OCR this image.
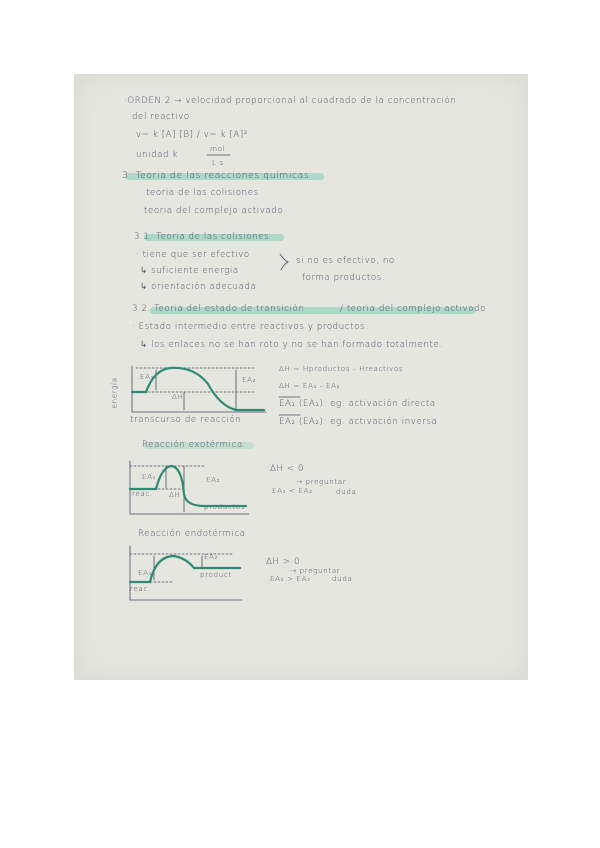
·ORDEN 2 → velocidad proporcional al cuadrado de la concentración
del reactivo
v= k [A] [B] / v= k [A]²
unidad k
mol
L·s
3. Teoria de las reacciones químicas
teoria de las colisiones
teoria del complejo activado
3.1. Teoria de las colisiones
· tiene que ser efectivo
↳ suficiente energia
↳ orientación adecuada
si no es efectivo, no
forma productos.
3.2. Teoria del estado de transición	/ teoria del complejo activado
· Estado intermedio entre reactivos y productos.
↳ los enlaces no se han roto y no se han formado totalmente.
energía
transcurso de reacción
EA₁	EA₂
ΔH
ΔH = Hproductos - Hreactivos
ΔH = EA₁ - EA₂
EA₁ (EA₁): eg. activación directa
EA₂ (EA₂): eg. activación inversa
Reacción exotérmica:
EA₁	EA₂
reac. ΔH
productos
ΔH < 0
→ preguntar
EA₁ < EA₂	duda
Reacción endotérmica
EA₂
EA₁	product.
reac.
ΔH > 0
→ preguntar
EA₁ > EA₂	duda
